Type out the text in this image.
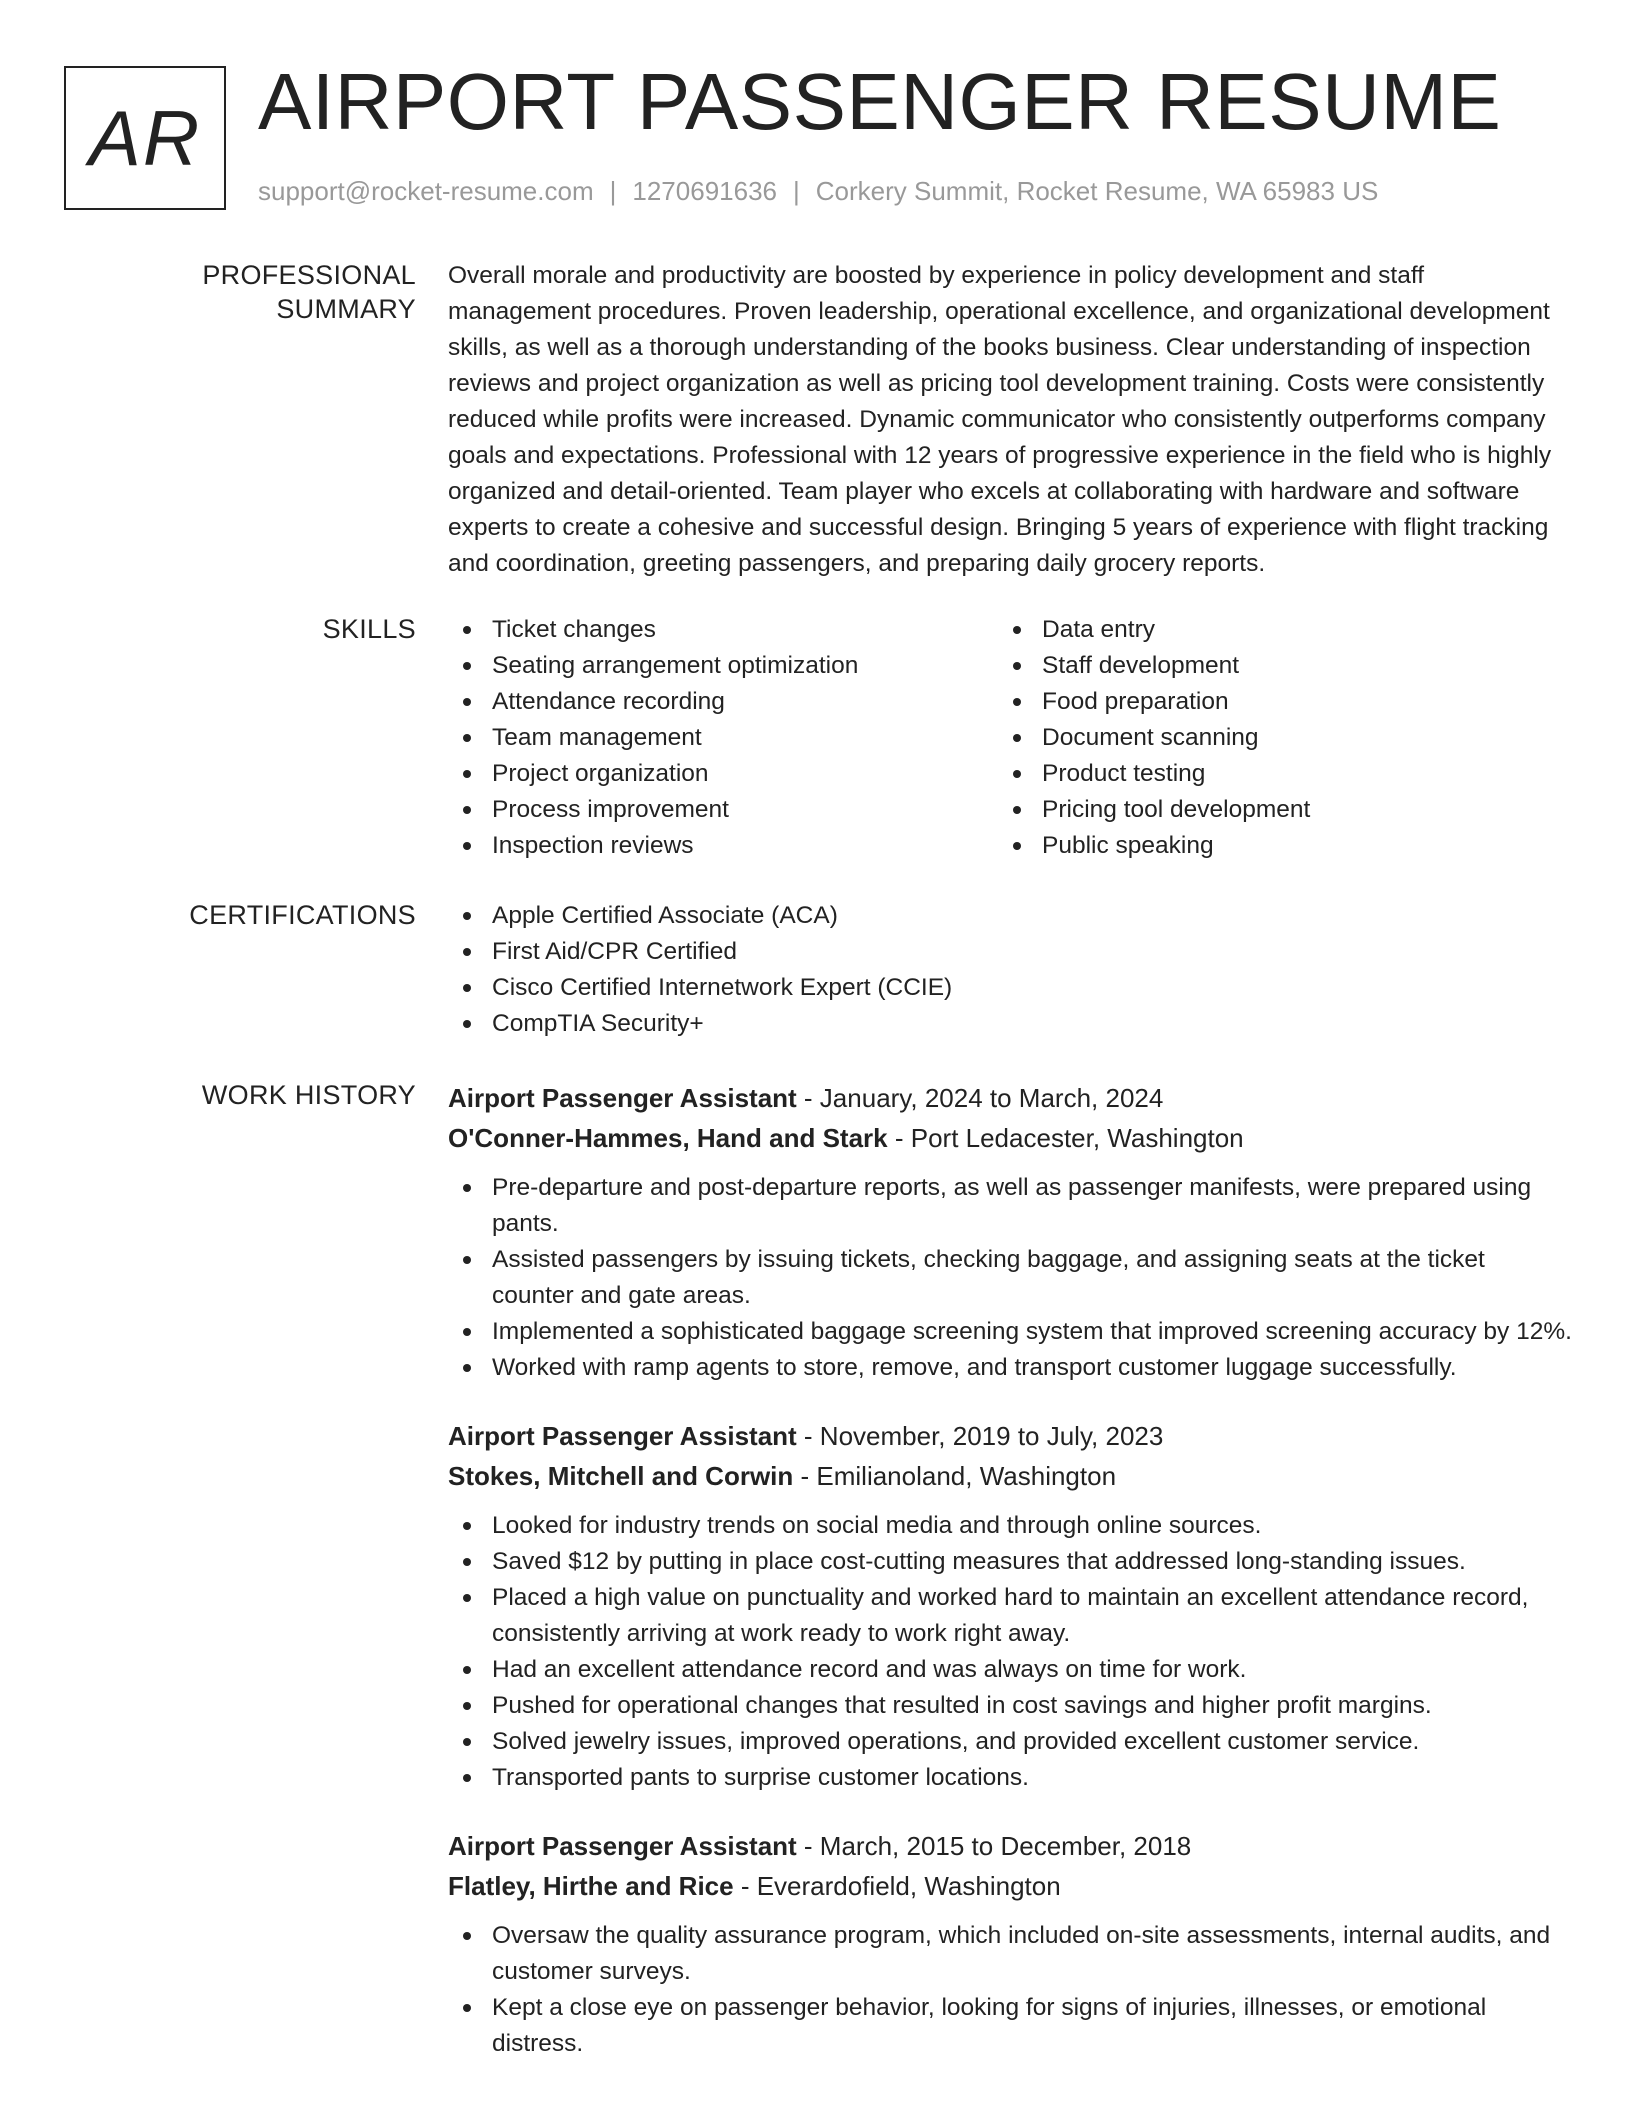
AR AIRPORT PASSENGER RESUME
support@rocket-resume.com | 1270691636 | Corkery Summit, Rocket Resume, WA 65983 US
PROFESSIONAL SUMMARY
Overall morale and productivity are boosted by experience in policy development and staff management procedures. Proven leadership, operational excellence, and organizational development skills, as well as a thorough understanding of the books business. Clear understanding of inspection reviews and project organization as well as pricing tool development training. Costs were consistently reduced while profits were increased. Dynamic communicator who consistently outperforms company goals and expectations. Professional with 12 years of progressive experience in the field who is highly organized and detail-oriented. Team player who excels at collaborating with hardware and software experts to create a cohesive and successful design. Bringing 5 years of experience with flight tracking and coordination, greeting passengers, and preparing daily grocery reports.
SKILLS	Ticket changes
Seating arrangement optimization
Attendance recording
Team management
Project organization
Process improvement
Inspection reviews
Data entry
Staff development
Food preparation
Document scanning
Product testing
Pricing tool development
Public speaking
CERTIFICATIONS	Apple Certified Associate (ACA)
First Aid/CPR Certified
Cisco Certified Internetwork Expert (CCIE)
CompTIA Security+
WORK HISTORY Airport Passenger Assistant - January, 2024 to March, 2024
O'Conner-Hammes, Hand and Stark - Port Ledacester, Washington
Pre-departure and post-departure reports, as well as passenger manifests, were prepared using pants.
Assisted passengers by issuing tickets, checking baggage, and assigning seats at the ticket counter and gate areas.
Implemented a sophisticated baggage screening system that improved screening accuracy by 12%.
Worked with ramp agents to store, remove, and transport customer luggage successfully.
Airport Passenger Assistant - November, 2019 to July, 2023
Stokes, Mitchell and Corwin - Emilianoland, Washington
Looked for industry trends on social media and through online sources.
Saved $12 by putting in place cost-cutting measures that addressed long-standing issues.
Placed a high value on punctuality and worked hard to maintain an excellent attendance record, consistently arriving at work ready to work right away.
Had an excellent attendance record and was always on time for work.
Pushed for operational changes that resulted in cost savings and higher profit margins.
Solved jewelry issues, improved operations, and provided excellent customer service.
Transported pants to surprise customer locations.
Airport Passenger Assistant - March, 2015 to December, 2018
Flatley, Hirthe and Rice - Everardofield, Washington
Oversaw the quality assurance program, which included on-site assessments, internal audits, and customer surveys.
Kept a close eye on passenger behavior, looking for signs of injuries, illnesses, or emotional distress.
